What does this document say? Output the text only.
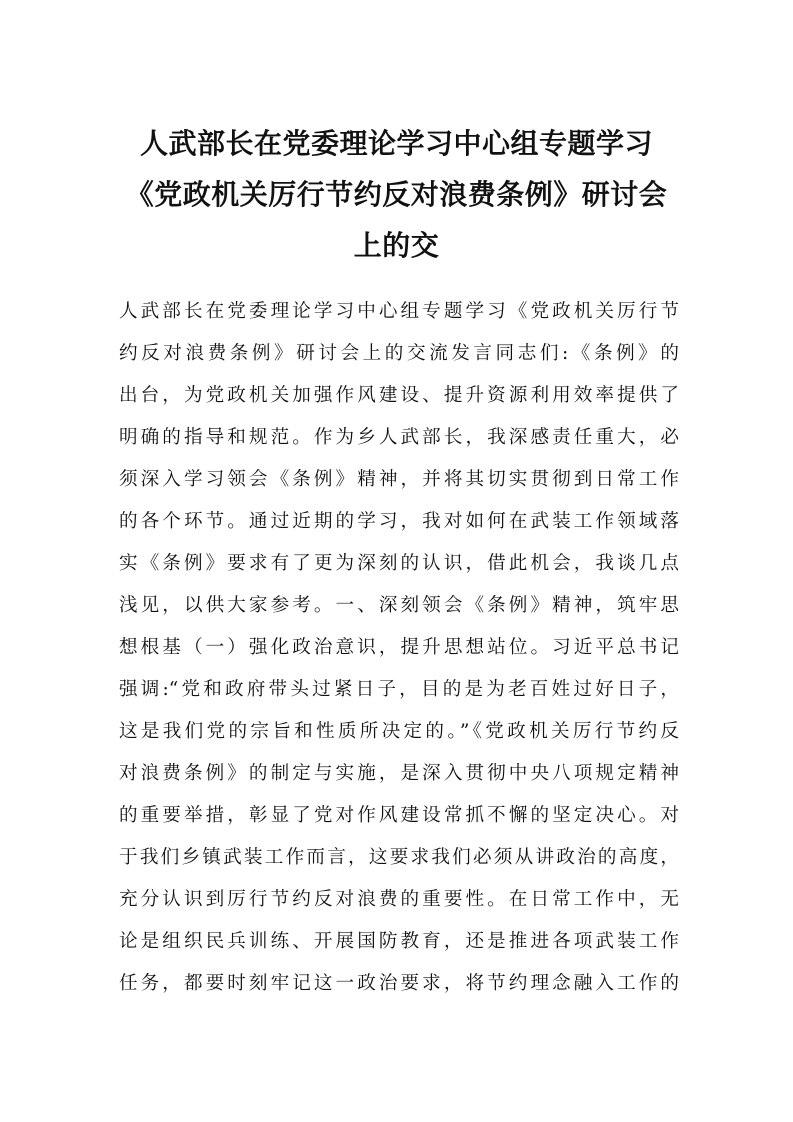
人武部长在党委理论学习中心组专题学习
《党政机关厉行节约反对浪费条例》研讨会
上的交
人武部长在党委理论学习中心组专题学习《党政机关厉行节
约反对浪费条例》研讨会上的交流发言同志们:《条例》的
出台，为党政机关加强作风建设、提升资源利用效率提供了
明确的指导和规范。作为乡人武部长，我深感责任重大，必
须深入学习领会《条例》精神，并将其切实贯彻到日常工作
的各个环节。通过近期的学习，我对如何在武装工作领域落
实《条例》要求有了更为深刻的认识，借此机会，我谈几点
浅见，以供大家参考。一、深刻领会《条例》精神，筑牢思
想根基（一）强化政治意识，提升思想站位。习近平总书记
强调:“党和政府带头过紧日子，目的是为老百姓过好日子，
这是我们党的宗旨和性质所决定的。”《党政机关厉行节约反
对浪费条例》的制定与实施，是深入贯彻中央八项规定精神
的重要举措，彰显了党对作风建设常抓不懈的坚定决心。对
于我们乡镇武装工作而言，这要求我们必须从讲政治的高度，
充分认识到厉行节约反对浪费的重要性。在日常工作中，无
论是组织民兵训练、开展国防教育，还是推进各项武装工作
任务，都要时刻牢记这一政治要求，将节约理念融入工作的
